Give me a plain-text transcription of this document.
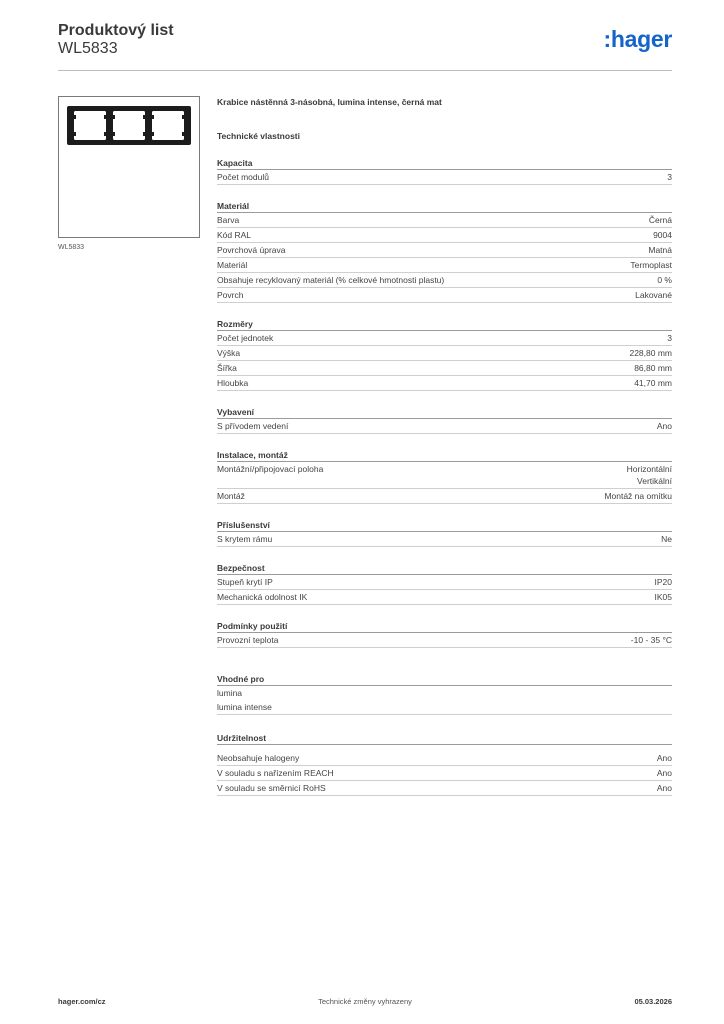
Produktový list
WL5833	:hager
WL5833
Krabice nástěnná 3-násobná, lumina intense, černá mat
Technické vlastnosti
Kapacita
Počet modulů	3
Materiál
Barva	Černá
Kód RAL	9004
Povrchová úprava	Matná
Materiál	Termoplast
Obsahuje recyklovaný materiál (% celkové hmotnosti plastu)	0 %
Povrch	Lakované
Rozměry
Počet jednotek	3
Výška	228,80 mm
Šířka	86,80 mm
Hloubka	41,70 mm
Vybavení
S přívodem vedení	Ano
Instalace, montáž
Montážní/připojovací poloha	Horizontální
Vertikální
Montáž	Montáž na omítku
Příslušenství
S krytem rámu	Ne
Bezpečnost
Stupeň krytí IP	IP20
Mechanická odolnost IK	IK05
Podmínky použití
Provozní teplota	-10 - 35 °C
Vhodné pro
lumina
lumina intense
Udržitelnost
Neobsahuje halogeny	Ano
V souladu s nařízením REACH	Ano
V souladu se směrnicí RoHS	Ano
Technické změny vyhrazeny
hager.com/cz	05.03.2026
